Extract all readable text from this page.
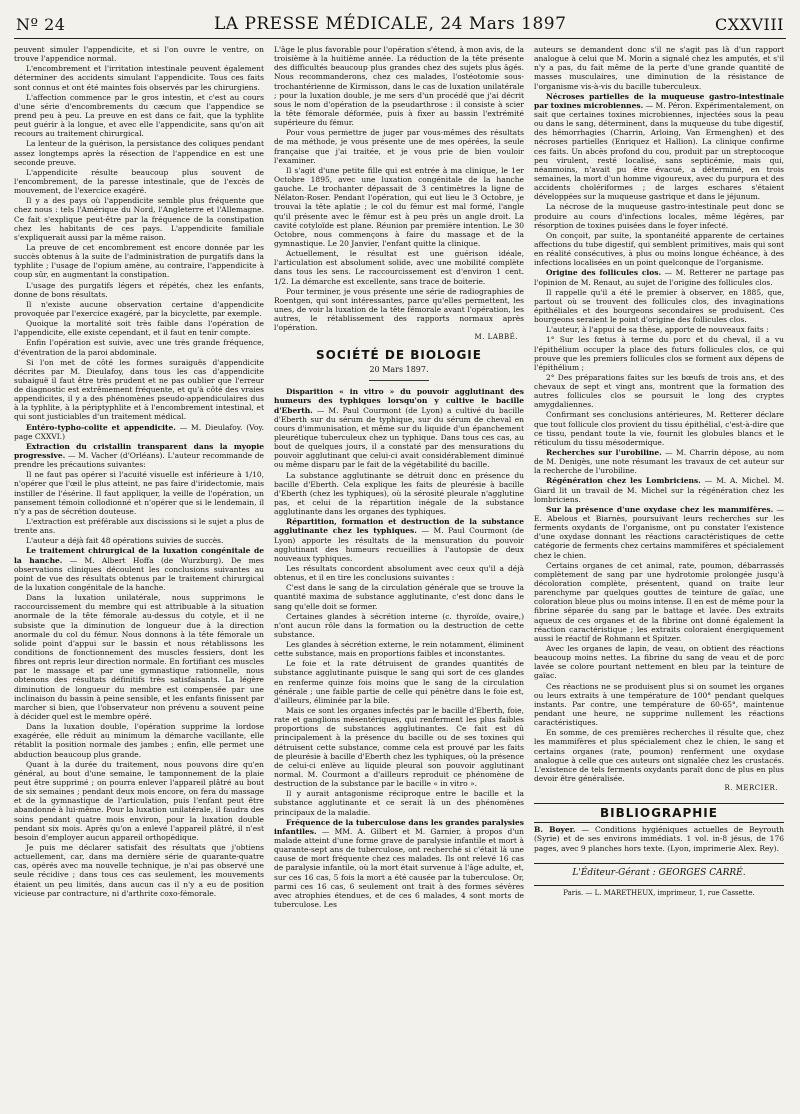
Nº 24	LA PRESSE MÉDICALE, 24 Mars 1897	CXXVIII

peuvent simuler l'appendicite, et si l'on ouvre le ventre, on trouve l'appendice normal.

L'encombrement et l'irritation intestinale peuvent également déterminer des accidents simulant l'appendicite. Tous ces faits sont connus et ont été maintes fois observés par les chirurgiens.

L'affection commence par le gros intestin, et c'est au cours d'une série d'encombrements du cæcum que l'appendice se prend peu à peu. La preuve en est dans ce fait, que la typhlite peut guérir à la longue, et avec elle l'appendicite, sans qu'on ait recours au traitement chirurgical.

La lenteur de la guérison, la persistance des coliques pendant assez longtemps après la résection de l'appendice en est une seconde preuve.

L'appendicite résulte beaucoup plus souvent de l'encombrement, de la paresse intestinale, que de l'excès de mouvement, de l'exercice exagéré.

Il y a des pays où l'appendicite semble plus fréquente que chez nous : tels l'Amérique du Nord, l'Angleterre et l'Allemagne. Ce fait s'explique peut-être par la fréquence de la constipation chez les habitants de ces pays. L'appendicite familiale s'expliquerait aussi par la même raison.

La preuve de cet encombrement est encore donnée par les succès obtenus à la suite de l'administration de purgatifs dans la typhlite ; l'usage de l'opium amène, au contraire, l'appendicite à coup sûr, en augmentant la constipation.

L'usage des purgatifs légers et répétés, chez les enfants, donne de bons résultats.

Il n'existe aucune observation certaine d'appendicite provoquée par l'exercice exagéré, par la bicyclette, par exemple.

Quoique la mortalité soit très faible dans l'opération de l'appendicite, elle existe cependant, et il faut en tenir compte.

Enfin l'opération est suivie, avec une très grande fréquence, d'éventration de la paroi abdominale.

Si l'on met de côté les formes suraiguës d'appendicite décrites par M. Dieulafoy, dans tous les cas d'appendicite subaiguë il faut être très prudent et ne pas oublier que l'erreur de diagnostic est extrêmement fréquente, et qu'à côté des vraies appendicites, il y a des phénomènes pseudo-appendiculaires dus à la typhlite, à la périptyphlite et à l'encombrement intestinal, et qui sont justiciables d'un traitement médical.

Entéro-typho-colite et appendicite. — M. Dieulafoy. (Voy. page CXXVI.)

Extraction du cristallin transparent dans la myopie progressive. — M. Vacher (d'Orléans). L'auteur recommande de prendre les précautions suivantes:

Il ne faut pas opérer si l'acuité visuelle est inférieure à 1/10, n'opérer que l'œil le plus atteint, ne pas faire d'iridectomie, mais instiller de l'ésérine. Il faut appliquer, la veille de l'opération, un pansement témoin collodionné et n'opérer que si le lendemain, il n'y a pas de sécrétion douteuse.

L'extraction est préférable aux discissions si le sujet a plus de trente ans.

L'auteur a déjà fait 48 opérations suivies de succès.

Le traitement chirurgical de la luxation congénitale de la hanche. — M. Albert Hoffa (de Wurzburg). De mes observations cliniques découlent les conclusions suivantes au point de vue des résultats obtenus par le traitement chirurgical de la luxation congénitale de la hanche.

Dans la luxation unilatérale, nous supprimons le raccourcissement du membre qui est attribuable à la situation anormale de la tête fémorale au-dessus du cotyle, et il ne subsiste que la diminution de longueur due à la direction anormale du col du fémur. Nous donnons à la tête fémorale un solide point d'appui sur le bassin et nous rétablissons les conditions de fonctionnement des muscles fessiers, dont les fibres ont repris leur direction normale. En fortifiant ces muscles par le massage et par une gymnastique rationnelle, nous obtenons des résultats définitifs très satisfaisants. La légère diminution de longueur du membre est compensée par une inclinaison du bassin à peine sensible, et les enfants finissent par marcher si bien, que l'observateur non prévenu a souvent peine à décider quel est le membre opéré.

Dans la luxation double, l'opération supprime la lordose exagérée, elle réduit au minimum la démarche vacillante, elle rétablit la position normale des jambes ; enfin, elle permet une abduction beaucoup plus grande.

Quant à la durée du traitement, nous pouvons dire qu'en général, au bout d'une semaine, le tamponnement de la plaie peut être supprimé ; on pourra enlever l'appareil plâtré au bout de six semaines ; pendant deux mois encore, on fera du massage et de la gymnastique de l'articulation, puis l'enfant peut être abandonné à lui-même. Pour la luxation unilatérale, il faudra des soins pendant quatre mois environ, pour la luxation double pendant six mois. Après qu'on a enlevé l'appareil plâtré, il n'est besoin d'employer aucun appareil orthopédique.

Je puis me déclarer satisfait des résultats que j'obtiens actuellement, car, dans ma dernière série de quarante-quatre cas, opérés avec ma nouvelle technique, je n'ai pas observé une seule récidive ; dans tous ces cas seulement, les mouvements étaient un peu limités, dans aucun cas il n'y a eu de position vicieuse par contracture, ni d'arthrite coxo-fémorale.

L'âge le plus favorable pour l'opération s'étend, à mon avis, de la troisième à la huitième année. La réduction de la tête présente des difficultés beaucoup plus grandes chez des sujets plus âgés. Nous recommanderons, chez ces malades, l'ostéotomie sous-trochantérienne de Kirmisson, dans le cas de luxation unilatérale ; pour la luxation double, je me sers d'un procédé que j'ai décrit sous le nom d'opération de la pseudarthrose : il consiste à scier la tête fémorale déformée, puis à fixer au bassin l'extrémité supérieure du fémur.

Pour vous permettre de juger par vous-mêmes des résultats de ma méthode, je vous présente une de mes opérées, la seule française que j'ai traitée, et je vous prie de bien vouloir l'examiner.

Il s'agit d'une petite fille qui est entrée à ma clinique, le 1er Octobre 1895, avec une luxation congénitale de la hanche gauche. Le trochanter dépassait de 3 centimètres la ligne de Nélaton-Roser. Pendant l'opération, qui eut lieu le 3 Octobre, je trouvai la tête aplatie ; le col du fémur est mal formé, l'angle qu'il présente avec le fémur est à peu près un angle droit. La cavité cotyloïde est plane. Réunion par première intention. Le 30 Octobre, nous commençons à faire du massage et de la gymnastique. Le 20 Janvier, l'enfant quitte la clinique.

Actuellement, le résultat est une guérison idéale, l'articulation est absolument solide, avec une mobilité complète dans tous les sens. Le raccourcissement est d'environ 1 cent. 1/2. La démarche est excellente, sans trace de boiterie.

Pour terminer, je vous présente une série de radiographies de Roentgen, qui sont intéressantes, parce qu'elles permettent, les unes, de voir la luxation de la tête fémorale avant l'opération, les autres, le rétablissement des rapports normaux après l'opération.

M. LABBÉ.
SOCIÉTÉ DE BIOLOGIE
20 Mars 1897.

Disparition « in vitro » du pouvoir agglutinant des humeurs des typhiques lorsqu'on y cultive le bacille d'Eberth. — M. Paul Courmont (de Lyon) a cultivé du bacille d'Eberth sur du sérum de typhique, sur du sérum de cheval en cours d'immunisation, et même sur du liquide d'un épanchement pleurétique tuberculeux chez un typhique. Dans tous ces cas, au bout de quelques jours, il a constaté par des mensurations du pouvoir agglutinant que celui-ci avait considérablement diminué ou même disparu par le fait de la végétabilité du bacille.

La substance agglutinante se détruit donc en présence du bacille d'Eberth. Cela explique les faits de pleurésie à bacille d'Eberth (chez les typhiques), où la sérosité pleurale n'agglutine pas, et celui de la répartition inégale de la substance agglutinante dans les organes des typhiques.

Répartition, formation et destruction de la substance agglutinante chez les typhiques. — M. Paul Courmont (de Lyon) apporte les résultats de la mensuration du pouvoir agglutinant des humeurs recueillies à l'autopsie de deux nouveaux typhiques.

Les résultats concordent absolument avec ceux qu'il a déjà obtenus, et il en tire les conclusions suivantes :

C'est dans le sang de la circulation générale que se trouve la quantité maxima de substance agglutinante, c'est donc dans le sang qu'elle doit se former.

Certaines glandes à sécrétion interne (c. thyroïde, ovaire,) n'ont aucun rôle dans la formation ou la destruction de cette substance.

Les glandes à sécrétion externe, le rein notamment, éliminent cette substance, mais en proportions faibles et inconstantes.

Le foie et la rate détruisent de grandes quantités de substance agglutinante puisque le sang qui sort de ces glandes en renferme quinze fois moins que le sang de la circulation générale ; une faible partie de celle qui pénètre dans le foie est, d'ailleurs, éliminée par la bile.

Mais ce sont les organes infectés par le bacille d'Eberth, foie, rate et ganglions mésentériques, qui renferment les plus faibles proportions de substances agglutinantes. Ce fait est dû principalement à la présence du bacille ou de ses toxines qui détruisent cette substance, comme cela est prouvé par les faits de pleurésie à bacille d'Eberth chez les typhiques, où la présence de celui-ci enlève au liquide pleural son pouvoir agglutinant normal. M. Courmont a d'ailleurs reproduit ce phénomène de destruction de la substance par le bacille « in vitro ».

Il y aurait antagonisme réciproque entre le bacille et la substance agglutinante et ce serait là un des phénomènes principaux de la maladie.

Fréquence de la tuberculose dans les grandes paralysies infantiles. — MM. A. Gilbert et M. Garnier, à propos d'un malade atteint d'une forme grave de paralysie infantile et mort à quarante-sept ans de tuberculose, ont recherché si c'était là une cause de mort fréquente chez ces malades. Ils ont relevé 16 cas de paralysie infantile, où la mort était survenue à l'âge adulte, et, sur ces 16 cas, 5 fois la mort a été causée par la tuberculose. Or, parmi ces 16 cas, 6 seulement ont trait à des formes sévères avec atrophies étendues, et de ces 6 malades, 4 sont morts de tuberculose. Les

auteurs se demandent donc s'il ne s'agit pas là d'un rapport analogue à celui que M. Morin a signalé chez les amputés, et s'il n'y a pas, du fait même de la perte d'une grande quantité de masses musculaires, une diminution de la résistance de l'organisme vis-à-vis du bacille tuberculeux.

Nécroses partielles de la muqueuse gastro-intestinale par toxines microbiennes. — M. Péron. Expérimentalement, on sait que certaines toxines microbiennes, injectées sous la peau ou dans le sang, déterminent, dans la muqueuse du tube digestif, des hémorrhagies (Charrin, Arloing, Van Ermenghen) et des nécroses partielles (Enriquez et Hallion). La clinique confirme ces faits. Un abcès profond du cou, produit par un streptocoque peu virulent, resté localisé, sans septicémie, mais qui, néanmoins, n'avait pu être évacué, a déterminé, en trois semaines, la mort d'un homme vigoureux, avec du purpura et des accidents cholériformes ; de larges eschares s'étaient développées sur la muqueuse gastrique et dans le jéjunum.

La nécrose de la muqueuse gastro-intestinale peut donc se produire au cours d'infections locales, même légères, par résorption de toxines puisées dans le foyer infecté.

On conçoit, par suite, la spontanéité apparente de certaines affections du tube digestif, qui semblent primitives, mais qui sont en réalité consécutives, à plus ou moins longue échéance, à des infections localisées en un point quelconque de l'organisme.

Origine des follicules clos. — M. Retterer ne partage pas l'opinion de M. Renaut, au sujet de l'origine des follicules clos.

Il rappelle qu'il a été le premier à observer, en 1885, que, partout où se trouvent des follicules clos, des invaginations épithéliales et des bourgeons secondaires se produisent. Ces bourgeons seraient le point d'origine des follicules clos.

L'auteur, à l'appui de sa thèse, apporte de nouveaux faits :

1° Sur les fœtus à terme du porc et du cheval, il a vu l'épithélium occuper la place des futurs follicules clos, ce qui prouve que les premiers follicules clos se forment aux dépens de l'épithélium ;

2° Des préparations faites sur les bœufs de trois ans, et des chevaux de sept et vingt ans, montrent que la formation des autres follicules clos se poursuit le long des cryptes amygdaliennes.

Confirmant ses conclusions antérieures, M. Retterer déclare que tout follicule clos provient du tissu épithélial, c'est-à-dire que ce tissu, pendant toute la vie, fournit les globules blancs et le réticulum du tissu mésodermique.

Recherches sur l'urobiline. — M. Charrin dépose, au nom de M. Denigès, une note résumant les travaux de cet auteur sur la recherche de l'urobiline.

Régénération chez les Lombriciens. — M. A. Michel. M. Giard lit un travail de M. Michel sur la régénération chez les lombriciens.

Sur la présence d'une oxydase chez les mammifères. — E. Abelous et Biarnès, poursuivant leurs recherches sur les ferments oxydants de l'organisme, ont pu constater l'existence d'une oxydase donnant les réactions caractéristiques de cette catégorie de ferments chez certains mammifères et spécialement chez le chien.

Certains organes de cet animal, rate, poumon, débarrassés complètement de sang par une hydrotomie prolongée jusqu'à décoloration complète, présentent, quand on traite leur parenchyme par quelques gouttes de teinture de gaïac, une coloration bleue plus ou moins intense. Il en est de même pour la fibrine séparée du sang par le battage et lavée. Des extraits aqueux de ces organes et de la fibrine ont donné également la réaction caractéristique ; les extraits coloraient énergiquement aussi le réactif de Rohmann et Spitzer.

Avec les organes de lapin, de veau, on obtient des réactions beaucoup moins nettes. La fibrine du sang de veau et de porc lavée se colore pourtant nettement en bleu par la teinture de gaïac.

Ces réactions ne se produisent plus si on soumet les organes ou leurs extraits à une température de 100° pendant quelques instants. Par contre, une température de 60-65°, maintenue pendant une heure, ne supprime nullement les réactions caractéristiques.

En somme, de ces premières recherches il résulte que, chez les mammifères et plus spécialement chez le chien, le sang et certains organes (rate, poumon) renferment une oxydase analogue à celle que ces auteurs ont signalée chez les crustacés. L'existence de tels ferments oxydants paraît donc de plus en plus devoir être généralisée.

R. MERCIER.
BIBLIOGRAPHIE

B. Boyer. — Conditions hygiéniques actuelles de Beyrouth (Syrie) et de ses environs immédiats. 1 vol. in-8 jésus, de 176 pages, avec 9 planches hors texte. (Lyon, imprimerie Alex. Rey).

L'Éditeur-Gérant : GEORGES CARRÉ.
Paris. — L. MARETHEUX, imprimeur, 1, rue Cassette.
